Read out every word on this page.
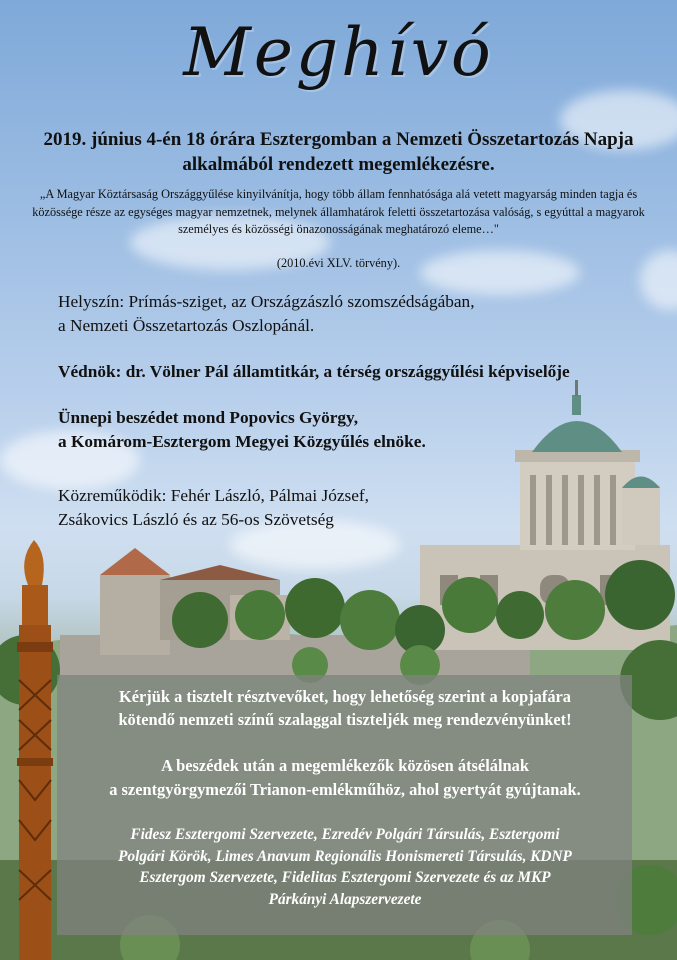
Meghívó
2019. június 4-én 18 órára Esztergomban a Nemzeti Összetartozás Napja alkalmából rendezett megemlékezésre.
„A Magyar Köztársaság Országgyűlése kinyilvánítja, hogy több állam fennhatósága alá vetett magyarság minden tagja és közössége része az egységes magyar nemzetnek, melynek államhatárok feletti összetartozása valóság, s egyúttal a magyarok személyes és közösségi önazonosságának meghatározó eleme…"
(2010.évi XLV. törvény).
Helyszín: Prímás-sziget, az Országzászló szomszédságában,
a Nemzeti Összetartozás Oszlopánál.
Védnök: dr. Völner Pál államtitkár, a térség országgyűlési képviselője
Ünnepi beszédet mond Popovics György,
a Komárom-Esztergom Megyei Közgyűlés elnöke.
Közreműködik: Fehér László, Pálmai József,
Zsákovics László és az 56-os Szövetség
Kérjük a tisztelt résztvevőket, hogy lehetőség szerint a kopjafára
kötendő nemzeti színű szalaggal tiszteljék meg rendezvényünket!
A beszédek után a megemlékezők közösen átsélálnak
a szentgyörgymezői Trianon-emlékműhöz, ahol gyertyát gyújtanak.
Fidesz Esztergomi Szervezete, Ezredév Polgári Társulás, Esztergomi
Polgári Körök, Limes Anavum Regionális Honismereti Társulás, KDNP
Esztergom Szervezete, Fidelitas Esztergomi Szervezete és az MKP
Párkányi Alapszervezete
